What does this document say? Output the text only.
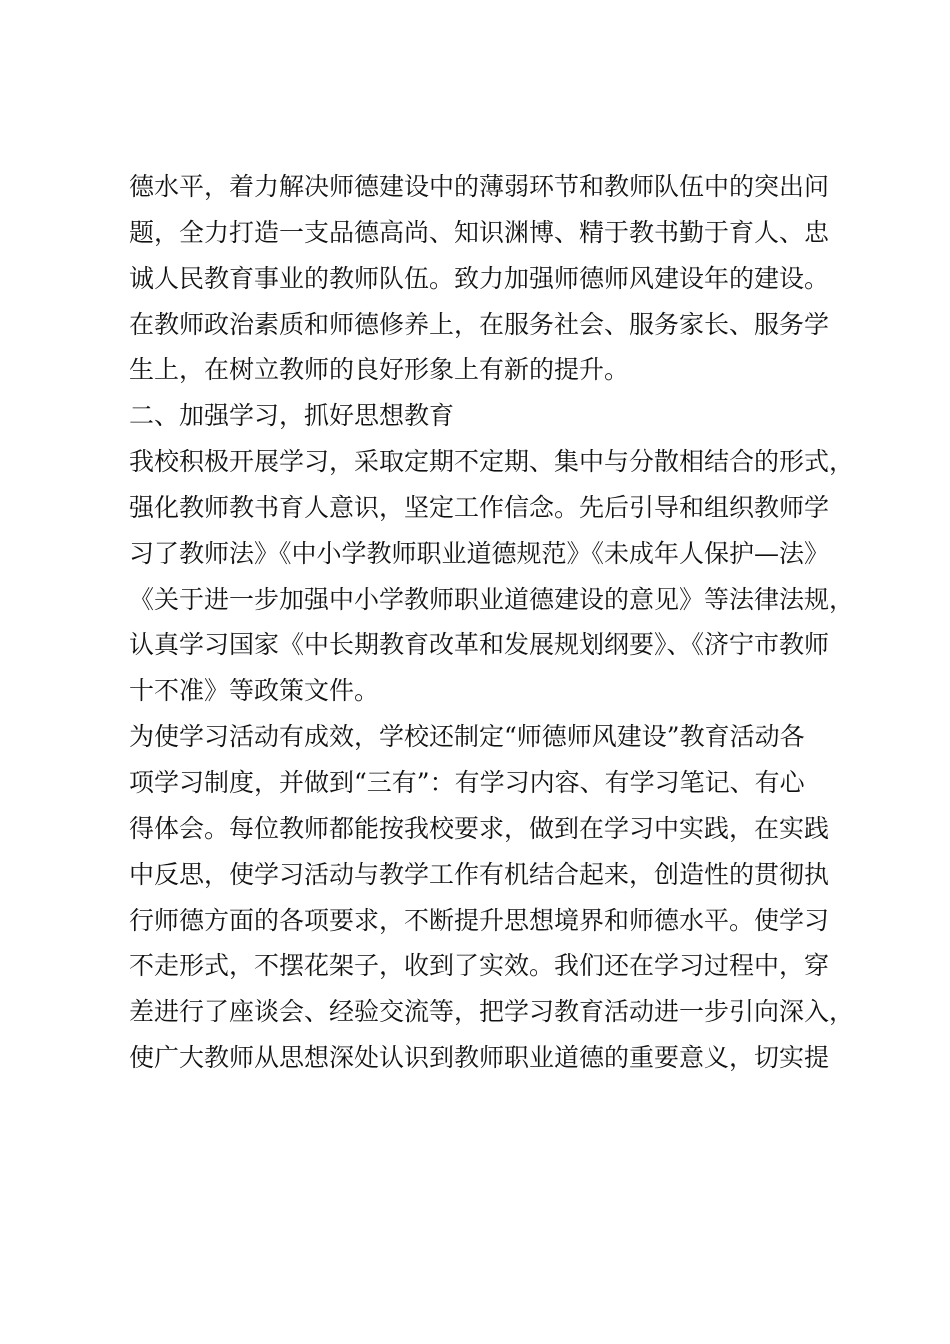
德水平，着力解决师德建设中的薄弱环节和教师队伍中的突出问
题，全力打造一支品德高尚、知识渊博、精于教书勤于育人、忠
诚人民教育事业的教师队伍。致力加强师德师风建设年的建设。
在教师政治素质和师德修养上，在服务社会、服务家长、服务学
生上，在树立教师的良好形象上有新的提升。
二、加强学习，抓好思想教育
我校积极开展学习，采取定期不定期、集中与分散相结合的形式，
强化教师教书育人意识，坚定工作信念。先后引导和组织教师学
习了教师法》《中小学教师职业道德规范》《未成年人保护—法》
《关于进一步加强中小学教师职业道德建设的意见》等法律法规，
认真学习国家《中长期教育改革和发展规划纲要》、《济宁市教师
十不准》等政策文件。
为使学习活动有成效，学校还制定“师德师风建设”教育活动各
项学习制度，并做到“三有”：有学习内容、有学习笔记、有心
得体会。每位教师都能按我校要求，做到在学习中实践，在实践
中反思，使学习活动与教学工作有机结合起来，创造性的贯彻执
行师德方面的各项要求，不断提升思想境界和师德水平。使学习
不走形式，不摆花架子，收到了实效。我们还在学习过程中，穿
差进行了座谈会、经验交流等，把学习教育活动进一步引向深入，
使广大教师从思想深处认识到教师职业道德的重要意义，切实提
